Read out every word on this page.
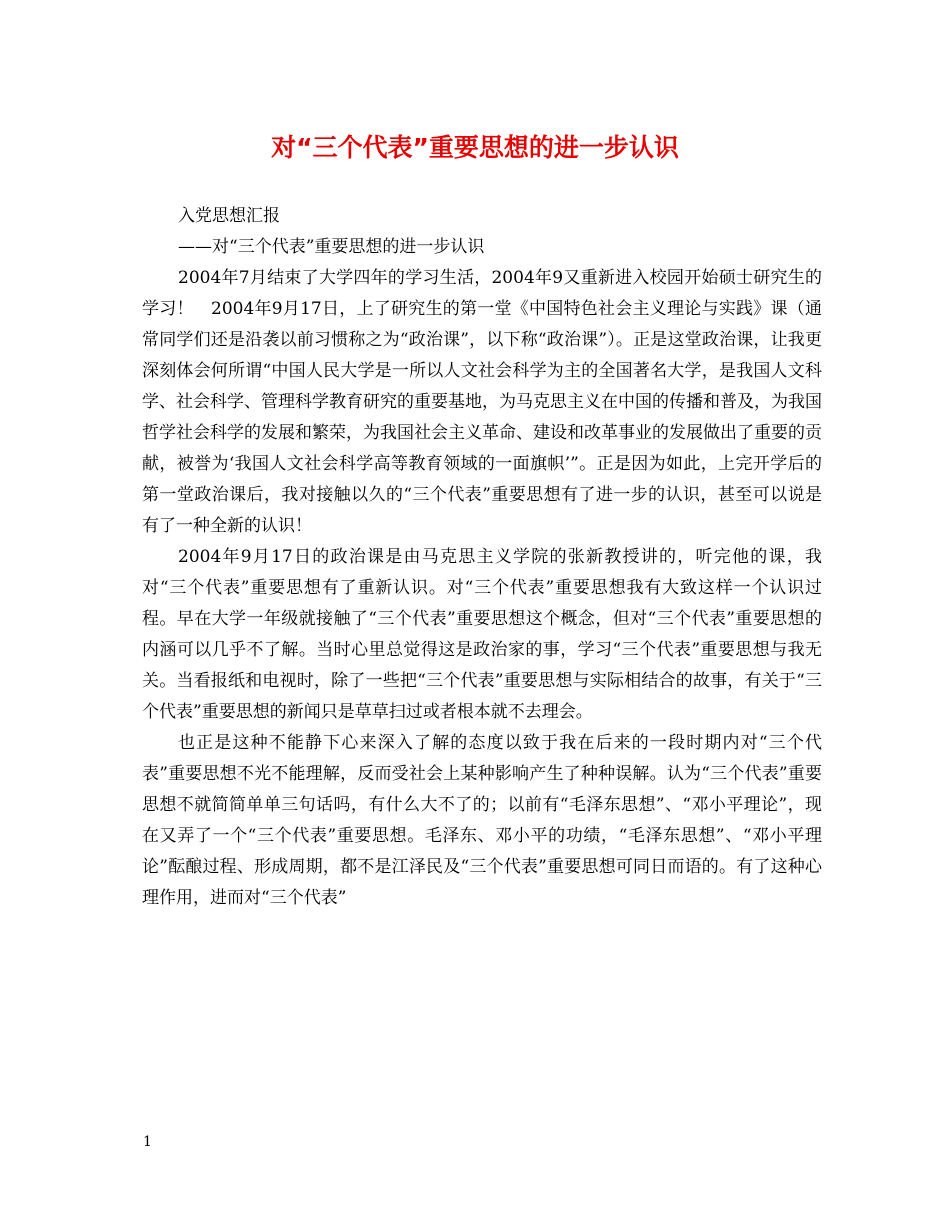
对“三个代表”重要思想的进一步认识

入党思想汇报

——对“三个代表”重要思想的进一步认识

2004年7月结束了大学四年的学习生活，2004年9又重新进入校园开始硕士研究生的学习！　2004年9月17日，上了研究生的第一堂《中国特色社会主义理论与实践》课（通常同学们还是沿袭以前习惯称之为“政治课”，以下称“政治课”）。正是这堂政治课，让我更深刻体会何所谓“中国人民大学是一所以人文社会科学为主的全国著名大学，是我国人文科学、社会科学、管理科学教育研究的重要基地，为马克思主义在中国的传播和普及，为我国哲学社会科学的发展和繁荣，为我国社会主义革命、建设和改革事业的发展做出了重要的贡献，被誉为‘我国人文社会科学高等教育领域的一面旗帜’”。正是因为如此，上完开学后的第一堂政治课后，我对接触以久的“三个代表”重要思想有了进一步的认识，甚至可以说是有了一种全新的认识！

2004年9月17日的政治课是由马克思主义学院的张新教授讲的，听完他的课，我对“三个代表”重要思想有了重新认识。对“三个代表”重要思想我有大致这样一个认识过程。早在大学一年级就接触了“三个代表”重要思想这个概念，但对“三个代表”重要思想的内涵可以几乎不了解。当时心里总觉得这是政治家的事，学习“三个代表”重要思想与我无关。当看报纸和电视时，除了一些把“三个代表”重要思想与实际相结合的故事，有关于“三个代表”重要思想的新闻只是草草扫过或者根本就不去理会。

也正是这种不能静下心来深入了解的态度以致于我在后来的一段时期内对“三个代表”重要思想不光不能理解，反而受社会上某种影响产生了种种误解。认为“三个代表”重要思想不就简简单单三句话吗，有什么大不了的；以前有“毛泽东思想”、“邓小平理论”，现在又弄了一个“三个代表”重要思想。毛泽东、邓小平的功绩，“毛泽东思想”、“邓小平理论”酝酿过程、形成周期，都不是江泽民及“三个代表”重要思想可同日而语的。有了这种心理作用，进而对“三个代表”

1
